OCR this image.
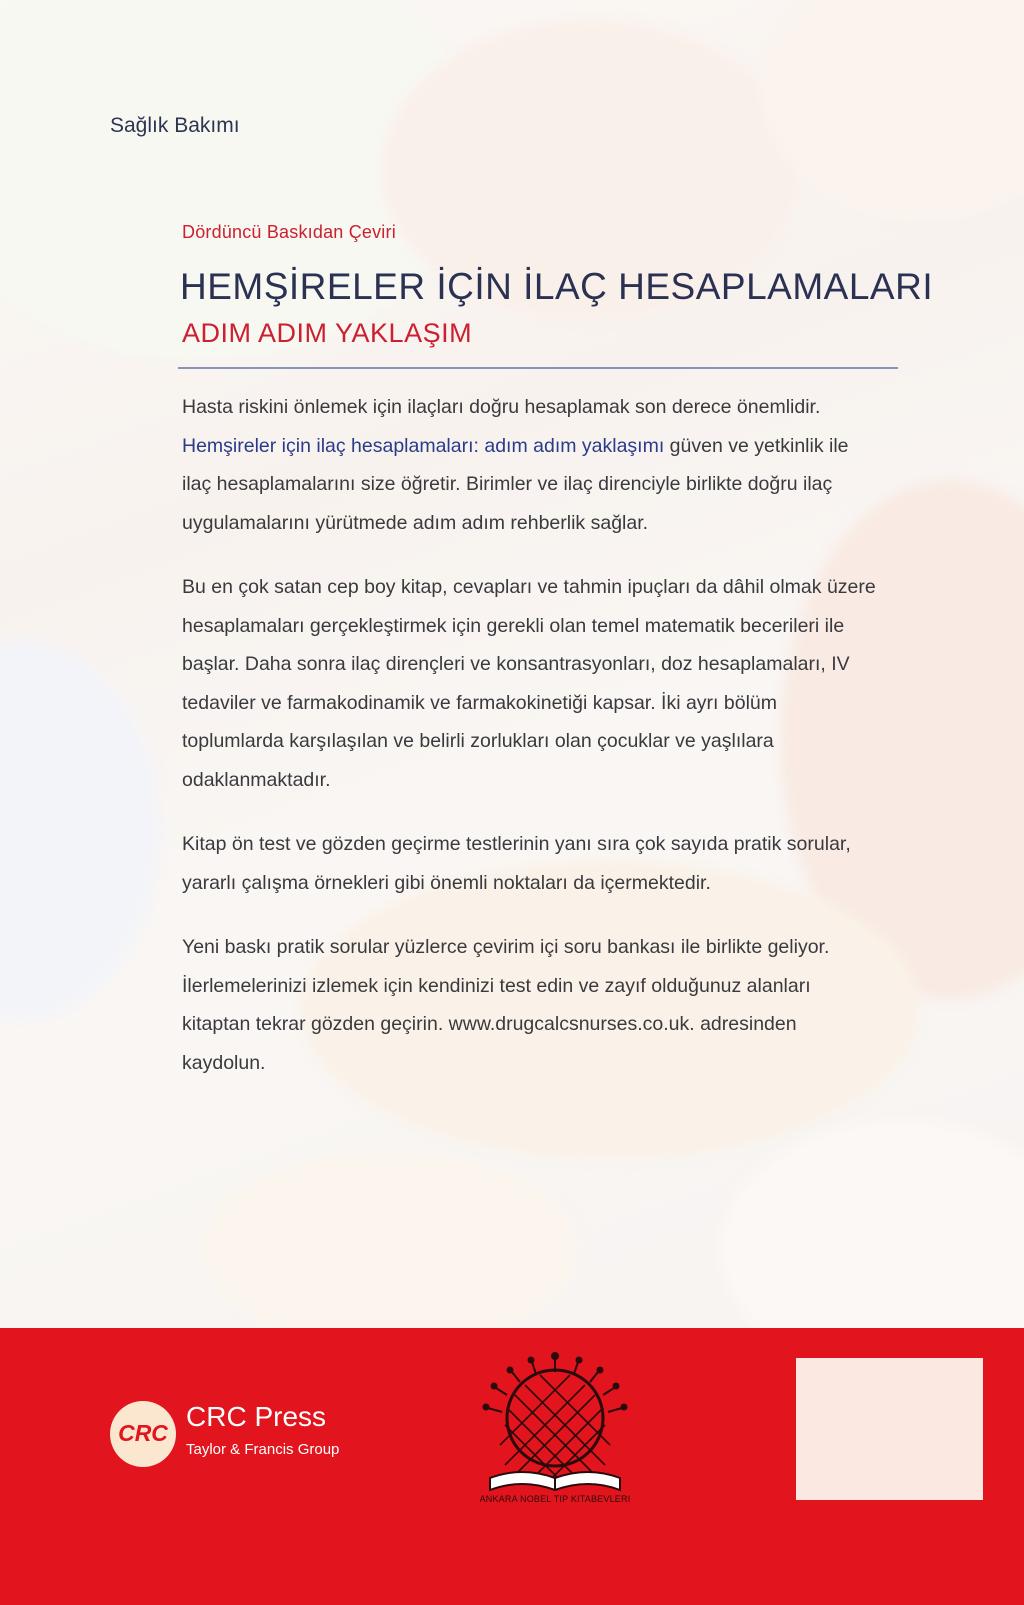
Sağlık Bakımı
Dördüncü Baskıdan Çeviri
HEMŞİRELER İÇİN İLAÇ HESAPLAMALARI
ADIM ADIM YAKLAŞIM

Hasta riskini önlemek için ilaçları doğru hesaplamak son derece önemlidir. Hemşireler için ilaç hesaplamaları: adım adım yaklaşımı güven ve yetkinlik ile ilaç hesaplamalarını size öğretir. Birimler ve ilaç direnciyle birlikte doğru ilaç uygulamalarını yürütmede adım adım rehberlik sağlar.

Bu en çok satan cep boy kitap, cevapları ve tahmin ipuçları da dâhil olmak üzere hesaplamaları gerçekleştirmek için gerekli olan temel matematik becerileri ile başlar. Daha sonra ilaç dirençleri ve konsantrasyonları, doz hesaplamaları, IV tedaviler ve farmakodinamik ve farmakokinetiği kapsar. İki ayrı bölüm toplumlarda karşılaşılan ve belirli zorlukları olan çocuklar ve yaşlılara odaklanmaktadır.

Kitap ön test ve gözden geçirme testlerinin yanı sıra çok sayıda pratik sorular, yararlı çalışma örnekleri gibi önemli noktaları da içermektedir.

Yeni baskı pratik sorular yüzlerce çevirim içi soru bankası ile birlikte geliyor. İlerlemelerinizi izlemek için kendinizi test edin ve zayıf olduğunuz alanları kitaptan tekrar gözden geçirin. www.drugcalcsnurses.co.uk. adresinden kaydolun.

CRC
CRC Press
Taylor & Francis Group
ANKARA NOBEL TIP KITABEVLERI
